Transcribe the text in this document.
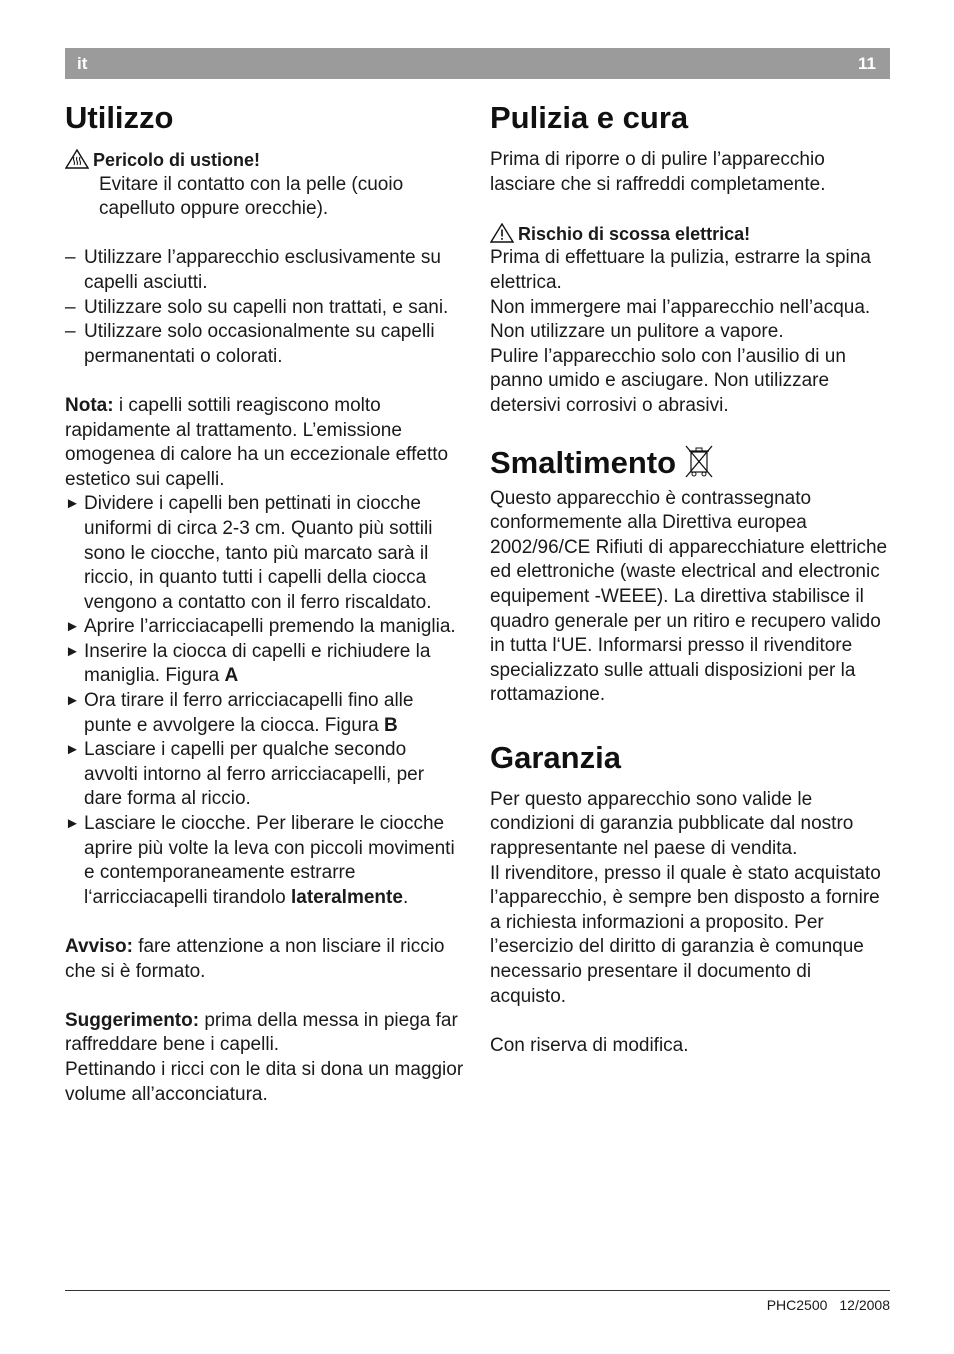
it	11
Utilizzo

Pericolo di ustione!

Evitare il contatto con la pelle (cuoio capelluto oppure orecchie).

– Utilizzare l’apparecchio esclusivamente su capelli asciutti.
– Utilizzare solo su capelli non trattati, e sani.
– Utilizzare solo occasionalmente su capelli permanentati o colorati.

Nota: i capelli sottili reagiscono molto rapidamente al trattamento. L’emissione omogenea di calore ha un eccezionale effetto estetico sui capelli.

► Dividere i capelli ben pettinati in ciocche uniformi di circa 2-3 cm. Quanto più sottili sono le ciocche, tanto più marcato sarà il riccio, in quanto tutti i capelli della ciocca vengono a contatto con il ferro riscaldato.
► Aprire l’arricciacapelli premendo la maniglia.
► Inserire la ciocca di capelli e richiudere la maniglia. Figura A
► Ora tirare il ferro arricciacapelli fino alle punte e avvolgere la ciocca. Figura B
► Lasciare i capelli per qualche secondo avvolti intorno al ferro arricciacapelli, per dare forma al riccio.
► Lasciare le ciocche. Per liberare le ciocche aprire più volte la leva con piccoli movimenti e contemporaneamente estrarre l‘arricciacapelli tirandolo lateralmente.

Avviso: fare attenzione a non lisciare il riccio che si è formato.

Suggerimento: prima della messa in piega far raffreddare bene i capelli.

Pettinando i ricci con le dita si dona un maggior volume all’acconciatura.

Pulizia e cura

Prima di riporre o di pulire l’apparecchio lasciare che si raffreddi completamente.

Rischio di scossa elettrica!

Prima di effettuare la pulizia, estrarre la spina elettrica.

Non immergere mai l’apparecchio nell’acqua.

Non utilizzare un pulitore a vapore.

Pulire l’apparecchio solo con l’ausilio di un panno umido e asciugare. Non utilizzare detersivi corrosivi o abrasivi.

Smaltimento

Questo apparecchio è contrassegnato conformemente alla Direttiva europea 2002/96/CE Rifiuti di apparecchiature elettriche ed elettroniche (waste electrical and electronic equipement -WEEE). La direttiva stabilisce il quadro generale per un ritiro e recupero valido in tutta l‘UE. Informarsi presso il rivenditore specializzato sulle attuali disposizioni per la rottamazione.

Garanzia

Per questo apparecchio sono valide le condizioni di garanzia pubblicate dal nostro rappresentante nel paese di vendita.

Il rivenditore, presso il quale è stato acquistato l’apparecchio, è sempre ben disposto a fornire a richiesta informazioni a proposito. Per l’esercizio del diritto di garanzia è comunque necessario presentare il documento di acquisto.

Con riserva di modifica.

PHC2500 12/2008
